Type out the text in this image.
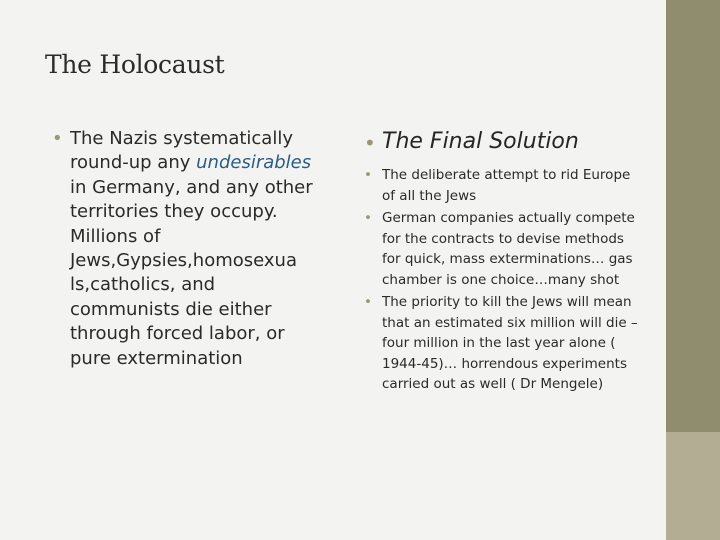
The Holocaust
• The Nazis systematically round-up any undesirables in Germany, and any other territories they occupy. Millions of Jews,Gypsies,homosexua ls,catholics, and communists die either through forced labor, or pure extermination
• The Final Solution
• The deliberate attempt to rid Europe of all the Jews
• German companies actually compete for the contracts to devise methods for quick, mass exterminations… gas chamber is one choice…many shot
• The priority to kill the Jews will mean that an estimated six million will die – four million in the last year alone ( 1944-45)… horrendous experiments carried out as well ( Dr Mengele)
